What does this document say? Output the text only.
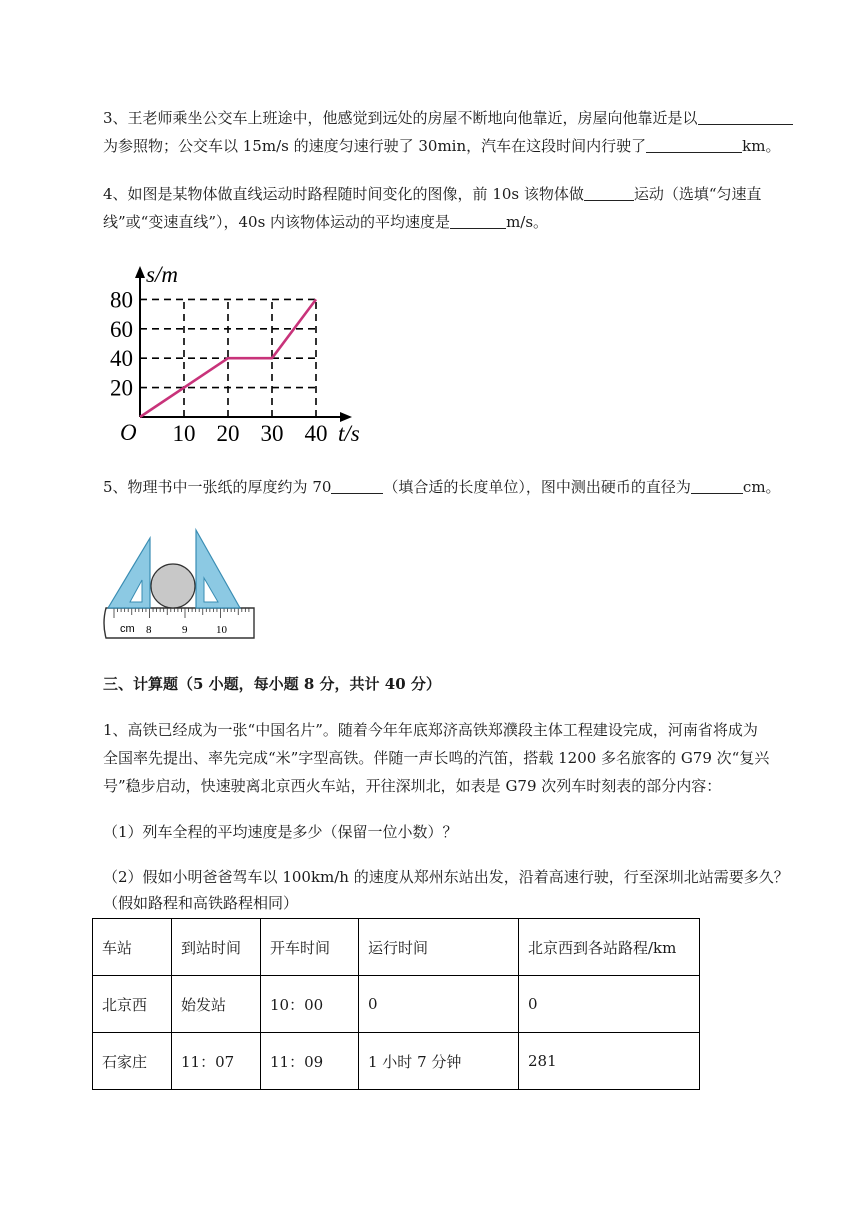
3、王老师乘坐公交车上班途中，他感觉到远处的房屋不断地向他靠近，房屋向他靠近是以
为参照物；公交车以 15m/s 的速度匀速行驶了 30min，汽车在这段时间内行驶了	km。

4、如图是某物体做直线运动时路程随时间变化的图像，前 10s 该物体做	运动（选填“匀速直
线”或“变速直线”），40s 内该物体运动的平均速度是	m/s。

20
40
60
80
10 20 30 40
s/m
t/s
O

5、物理书中一张纸的厚度约为 70	（填合适的长度单位），图中测出硬币的直径为	cm。

cm 8	9	10

三、计算题（5 小题，每小题 8 分，共计 40 分）

1、高铁已经成为一张“中国名片”。随着今年年底郑济高铁郑濮段主体工程建设完成，河南省将成为
全国率先提出、率先完成“米”字型高铁。伴随一声长鸣的汽笛，搭载 1200 多名旅客的 G79 次“复兴
号”稳步启动，快速驶离北京西火车站，开往深圳北，如表是 G79 次列车时刻表的部分内容：

（1）列车全程的平均速度是多少（保留一位小数）？

（2）假如小明爸爸驾车以 100km/h 的速度从郑州东站出发，沿着高速行驶，行至深圳北站需要多久？
（假如路程和高铁路程相同）

车站	到站时间	开车时间	运行时间	北京西到各站路程/km
北京西	始发站	10：00	0	0
石家庄	11：07	11：09	1 小时 7 分钟	281
